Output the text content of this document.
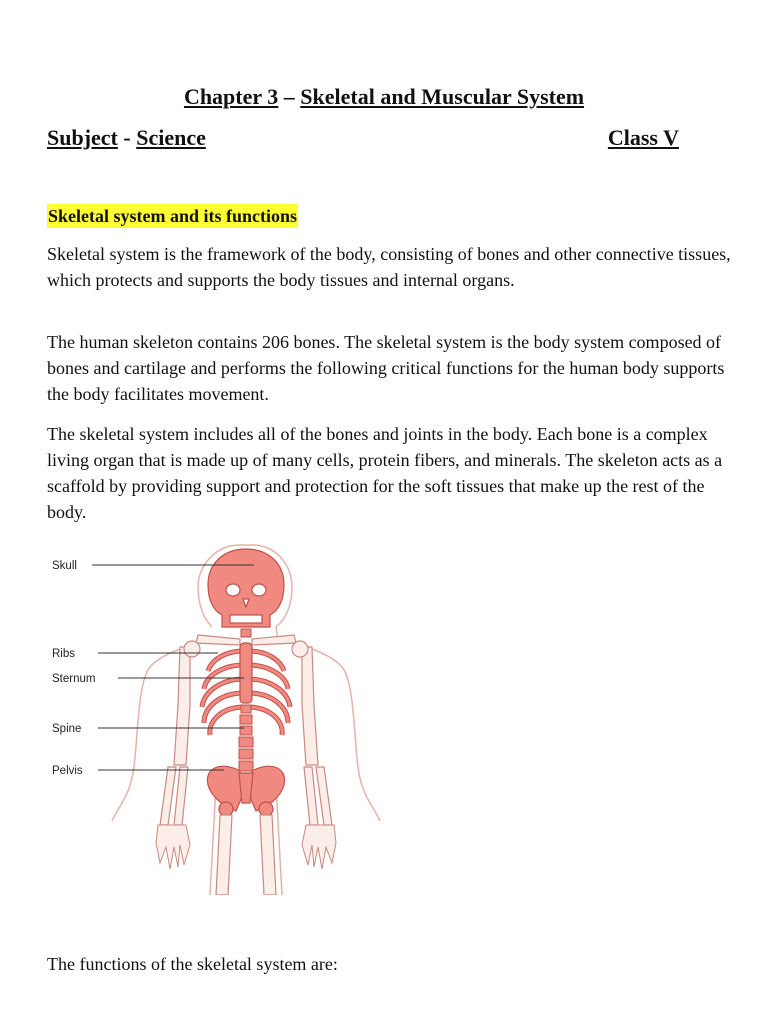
Chapter 3 – Skeletal and Muscular System
Subject - Science	Class V
Skeletal system and its functions

Skeletal system is the framework of the body, consisting of bones and other connective tissues, which protects and supports the body tissues and internal organs.

The human skeleton contains 206 bones. The skeletal system is the body system composed of bones and cartilage and performs the following critical functions for the human body supports the body facilitates movement.

The skeletal system includes all of the bones and joints in the body. Each bone is a complex living organ that is made up of many cells, protein fibers, and minerals. The skeleton acts as a scaffold by providing support and protection for the soft tissues that make up the rest of the body.

Skull
Ribs
Sternum
Spine
Pelvis

The functions of the skeletal system are:
